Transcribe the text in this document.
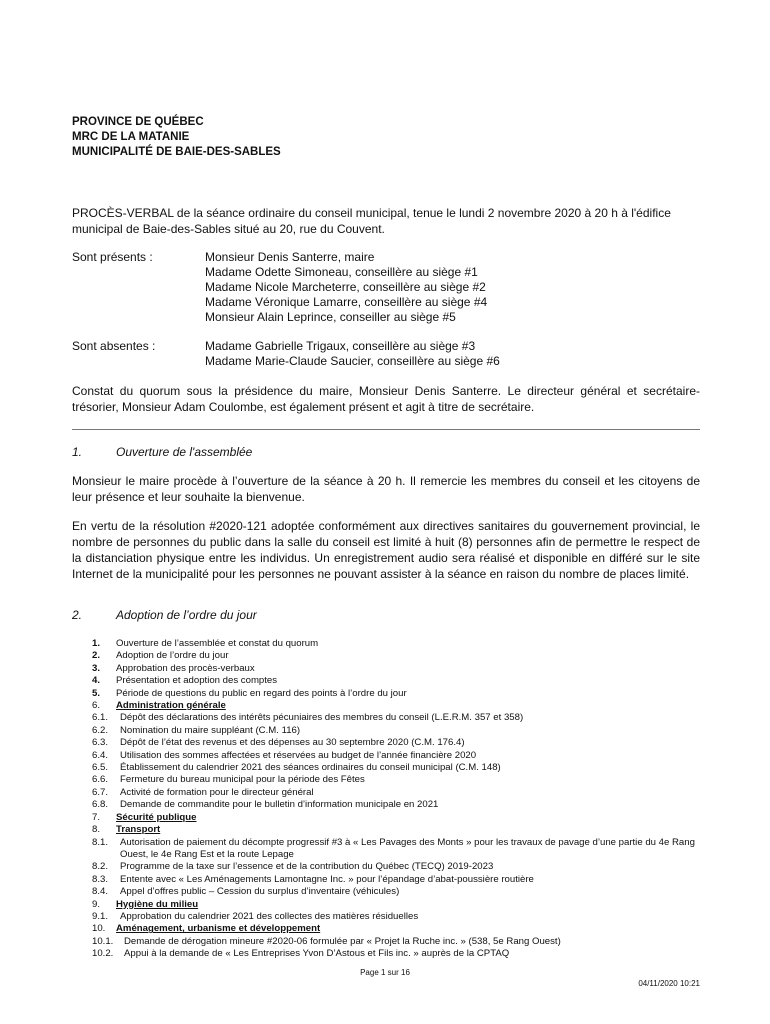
PROVINCE DE QUÉBEC
MRC DE LA MATANIE
MUNICIPALITÉ DE BAIE-DES-SABLES
PROCÈS-VERBAL de la séance ordinaire du conseil municipal, tenue le lundi 2 novembre 2020 à 20 h à l'édifice municipal de Baie-des-Sables situé au 20, rue du Couvent.
Sont présents :	Monsieur Denis Santerre, maire
Madame Odette Simoneau, conseillère au siège #1
Madame Nicole Marcheterre, conseillère au siège #2
Madame Véronique Lamarre, conseillère au siège #4
Monsieur Alain Leprince, conseiller au siège #5
Sont absentes :	Madame Gabrielle Trigaux, conseillère au siège #3
Madame Marie-Claude Saucier, conseillère au siège #6
Constat du quorum sous la présidence du maire, Monsieur Denis Santerre. Le directeur général et secrétaire-trésorier, Monsieur Adam Coulombe, est également présent et agit à titre de secrétaire.
1.	Ouverture de l'assemblée
Monsieur le maire procède à l’ouverture de la séance à 20 h. Il remercie les membres du conseil et les citoyens de leur présence et leur souhaite la bienvenue.
En vertu de la résolution #2020-121 adoptée conformément aux directives sanitaires du gouvernement provincial, le nombre de personnes du public dans la salle du conseil est limité à huit (8) personnes afin de permettre le respect de la distanciation physique entre les individus. Un enregistrement audio sera réalisé et disponible en différé sur le site Internet de la municipalité pour les personnes ne pouvant assister à la séance en raison du nombre de places limité.
2.	Adoption de l’ordre du jour
1. Ouverture de l’assemblée et constat du quorum
2. Adoption de l’ordre du jour
3. Approbation des procès-verbaux
4. Présentation et adoption des comptes
5. Période de questions du public en regard des points à l’ordre du jour
6. Administration générale
6.1. Dépôt des déclarations des intérêts pécuniaires des membres du conseil (L.E.R.M. 357 et 358)
6.2. Nomination du maire suppléant (C.M. 116)
6.3. Dépôt de l’état des revenus et des dépenses au 30 septembre 2020 (C.M. 176.4)
6.4. Utilisation des sommes affectées et réservées au budget de l’année financière 2020
6.5. Établissement du calendrier 2021 des séances ordinaires du conseil municipal (C.M. 148)
6.6. Fermeture du bureau municipal pour la période des Fêtes
6.7. Activité de formation pour le directeur général
6.8. Demande de commandite pour le bulletin d’information municipale en 2021
7. Sécurité publique
8. Transport
8.1. Autorisation de paiement du décompte progressif #3 à « Les Pavages des Monts » pour les travaux de pavage d’une partie du 4e Rang Ouest, le 4e Rang Est et la route Lepage
8.2. Programme de la taxe sur l’essence et de la contribution du Québec (TECQ) 2019-2023
8.3. Entente avec « Les Aménagements Lamontagne Inc. » pour l’épandage d’abat-poussière routière
8.4. Appel d’offres public – Cession du surplus d’inventaire (véhicules)
9. Hygiène du milieu
9.1. Approbation du calendrier 2021 des collectes des matières résiduelles
10. Aménagement, urbanisme et développement
10.1. Demande de dérogation mineure #2020-06 formulée par « Projet la Ruche inc. » (538, 5e Rang Ouest)
10.2. Appui à la demande de « Les Entreprises Yvon D’Astous et Fils inc. » auprès de la CPTAQ
Page 1 sur 16
04/11/2020 10:21
